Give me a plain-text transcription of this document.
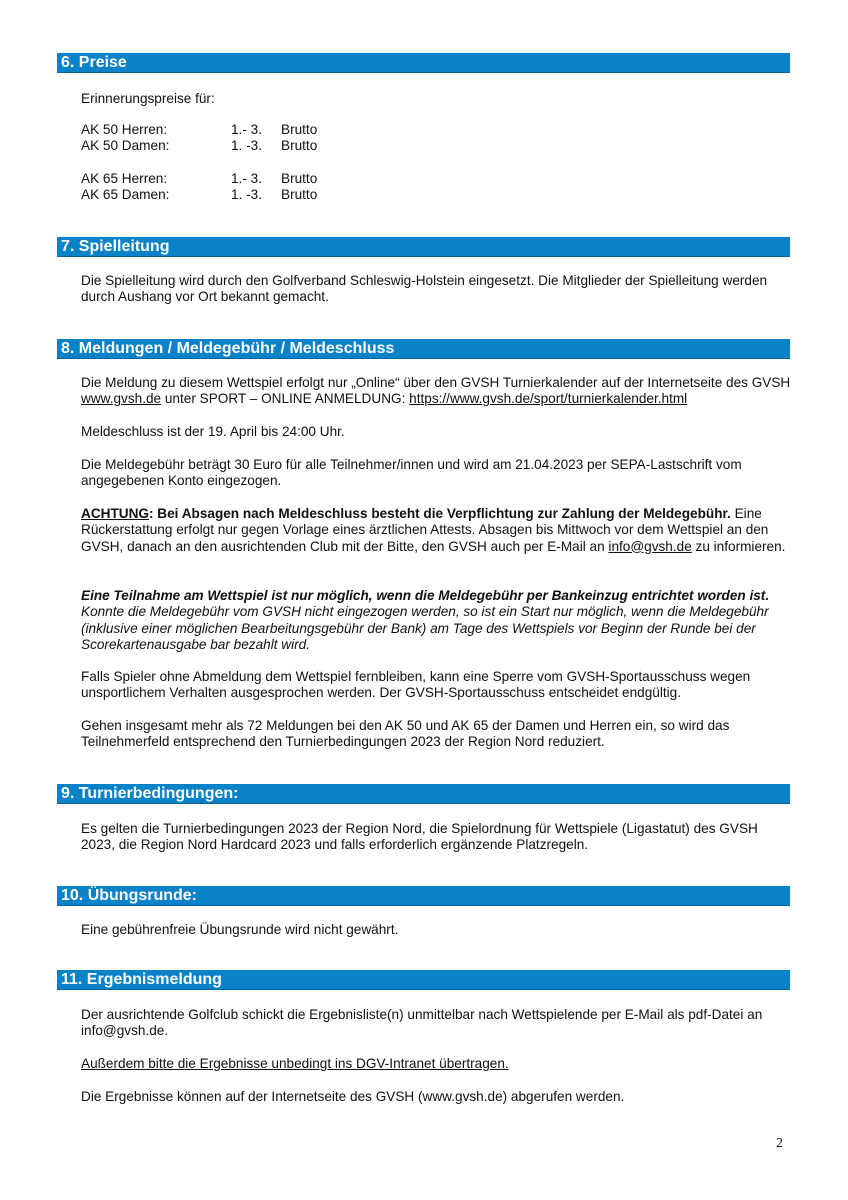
6. Preise

Erinnerungspreise für:

AK 50 Herren:	1.- 3. Brutto
AK 50 Damen:	1. -3. Brutto
AK 65 Herren:	1.- 3. Brutto
AK 65 Damen:	1. -3. Brutto
7. Spielleitung

Die Spielleitung wird durch den Golfverband Schleswig-Holstein eingesetzt. Die Mitglieder der Spielleitung werden durch Aushang vor Ort bekannt gemacht.

8. Meldungen / Meldegebühr / Meldeschluss

Die Meldung zu diesem Wettspiel erfolgt nur „Online“ über den GVSH Turnierkalender auf der Internetseite des GVSH www.gvsh.de unter SPORT – ONLINE ANMELDUNG: https://www.gvsh.de/sport/turnierkalender.html

Meldeschluss ist der 19. April bis 24:00 Uhr.

Die Meldegebühr beträgt 30 Euro für alle Teilnehmer/innen und wird am 21.04.2023 per SEPA-Lastschrift vom angegebenen Konto eingezogen.

ACHTUNG: Bei Absagen nach Meldeschluss besteht die Verpflichtung zur Zahlung der Meldegebühr. Eine Rückerstattung erfolgt nur gegen Vorlage eines ärztlichen Attests. Absagen bis Mittwoch vor dem Wettspiel an den GVSH, danach an den ausrichtenden Club mit der Bitte, den GVSH auch per E-Mail an info@gvsh.de zu informieren.

Eine Teilnahme am Wettspiel ist nur möglich, wenn die Meldegebühr per Bankeinzug entrichtet worden ist. Konnte die Meldegebühr vom GVSH nicht eingezogen werden, so ist ein Start nur möglich, wenn die Meldegebühr (inklusive einer möglichen Bearbeitungsgebühr der Bank) am Tage des Wettspiels vor Beginn der Runde bei der Scorekartenausgabe bar bezahlt wird.

Falls Spieler ohne Abmeldung dem Wettspiel fernbleiben, kann eine Sperre vom GVSH-Sportausschuss wegen unsportlichem Verhalten ausgesprochen werden. Der GVSH-Sportausschuss entscheidet endgültig.

Gehen insgesamt mehr als 72 Meldungen bei den AK 50 und AK 65 der Damen und Herren ein, so wird das Teilnehmerfeld entsprechend den Turnierbedingungen 2023 der Region Nord reduziert.

9. Turnierbedingungen:

Es gelten die Turnierbedingungen 2023 der Region Nord, die Spielordnung für Wettspiele (Ligastatut) des GVSH 2023, die Region Nord Hardcard 2023 und falls erforderlich ergänzende Platzregeln.

10. Übungsrunde:

Eine gebührenfreie Übungsrunde wird nicht gewährt.

11. Ergebnismeldung

Der ausrichtende Golfclub schickt die Ergebnisliste(n) unmittelbar nach Wettspielende per E-Mail als pdf-Datei an info@gvsh.de.

Außerdem bitte die Ergebnisse unbedingt ins DGV-Intranet übertragen.

Die Ergebnisse können auf der Internetseite des GVSH (www.gvsh.de) abgerufen werden.

2
